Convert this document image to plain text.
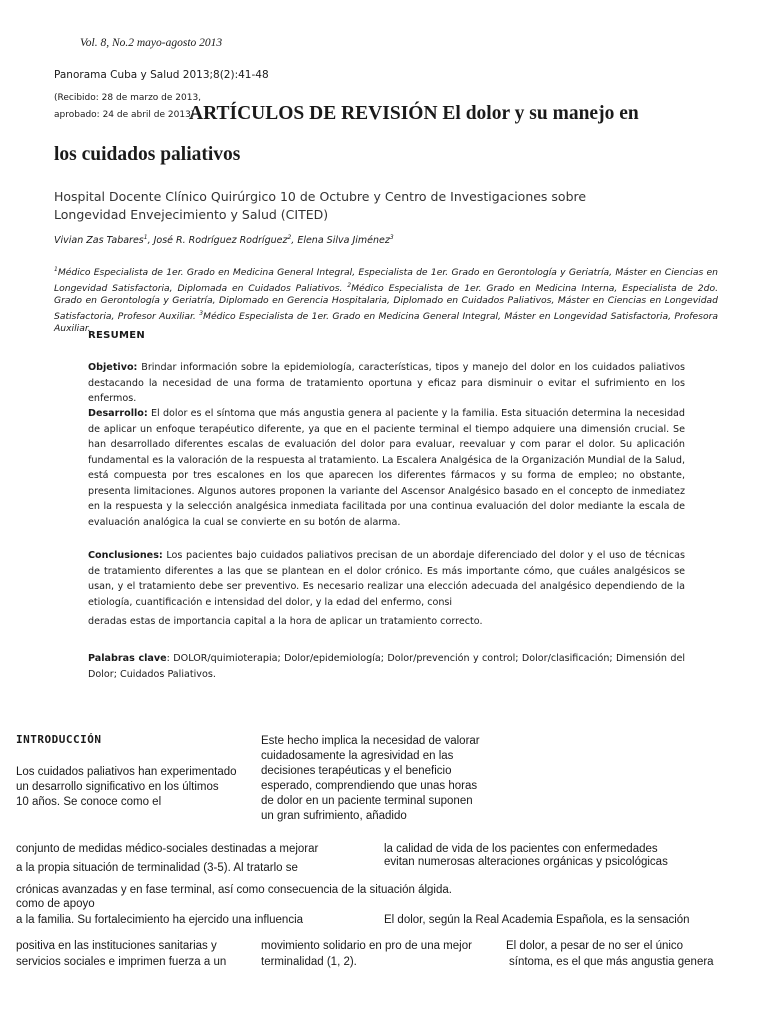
Vol. 8, No.2 mayo-agosto 2013
Panorama Cuba y Salud 2013;8(2):41-48
(Recibido: 28 de marzo de 2013,
aprobado: 24 de abril de 2013)
ARTÍCULOS DE REVISIÓN El dolor y su manejo en
los cuidados paliativos
Hospital Docente Clínico Quirúrgico 10 de Octubre y Centro de Investigaciones sobre
Longevidad Envejecimiento y Salud (CITED)
Vivian Zas Tabares$^1$, José R. Rodríguez Rodríguez$^2$, Elena Silva Jiménez$^3$
$^1$Médico Especialista de 1er. Grado en Medicina General Integral, Especialista de 1er. Grado en Gerontología y Geriatría, Máster en Ciencias en Longevidad Satisfactoria, Diplomada en Cuidados Paliativos. $^2$Médico Especialista de 1er. Grado en Medicina Interna, Especialista de 2do. Grado en Gerontología y Geriatría, Diplomado en Gerencia Hospitalaria, Diplomado en Cuidados Paliativos, Máster en Ciencias en Longevidad Satisfactoria, Profesor Auxiliar. $^3$Médico Especialista de 1er. Grado en Medicina General Integral, Máster en Longevidad Satisfactoria, Profesora Auxiliar.
RESUMEN
Objetivo: Brindar información sobre la epidemiología, características, tipos y manejo del dolor en los cuidados paliativos destacando la necesidad de una forma de tratamiento oportuna y eficaz para disminuir o evitar el sufrimiento en los enfermos.
Desarrollo: El dolor es el síntoma que más angustia genera al paciente y la familia. Esta situación determina la necesidad de aplicar un enfoque terapéutico diferente, ya que en el paciente terminal el tiempo adquiere una dimensión crucial. Se han desarrollado diferentes escalas de evaluación del dolor para evaluar, reevaluar y com parar el dolor. Su aplicación fundamental es la valoración de la respuesta al tratamiento. La Escalera Analgésica de la Organización Mundial de la Salud, está compuesta por tres escalones en los que aparecen los diferentes fármacos y su forma de empleo; no obstante, presenta limitaciones. Algunos autores proponen la variante del Ascensor Analgésico basado en el concepto de inmediatez en la respuesta y la selección analgésica inmediata facilitada por una continua evaluación del dolor mediante la escala de evaluación analógica la cual se convierte en su botón de alarma.
Conclusiones: Los pacientes bajo cuidados paliativos precisan de un abordaje diferenciado del dolor y el uso de técnicas de tratamiento diferentes a las que se plantean en el dolor crónico. Es más importante cómo, que cuáles analgésicos se usan, y el tratamiento debe ser preventivo. Es necesario realizar una elección adecuada del analgésico dependiendo de la etiología, cuantificación e intensidad del dolor, y la edad del enfermo, consi
deradas estas de importancia capital a la hora de aplicar un tratamiento correcto.
Palabras clave: DOLOR/quimioterapia; Dolor/epidemiología; Dolor/prevención y control; Dolor/clasificación; Dimensión del Dolor; Cuidados Paliativos.
INTRODUCCIÓN
Los cuidados paliativos han experimentado
un desarrollo significativo en los últimos
10 años. Se conoce como el
Este hecho implica la necesidad de valorar
cuidadosamente la agresividad en las
decisiones terapéuticas y el beneficio
esperado, comprendiendo que unas horas
de dolor en un paciente terminal suponen
un gran sufrimiento, añadido
conjunto de medidas médico-sociales destinadas a mejorar	la calidad de vida de los pacientes con enfermedades
a la propia situación de terminalidad (3-5). Al tratarlo se	evitan numerosas alteraciones orgánicas y psicológicas
crónicas avanzadas y en fase terminal, así como consecuencia de la situación álgida.
como de apoyo
a la familia. Su fortalecimiento ha ejercido una influencia	El dolor, según la Real Academia Española, es la sensación
positiva en las instituciones sanitarias y	movimiento solidario en pro de una mejor	El dolor, a pesar de no ser el único
servicios sociales e imprimen fuerza a un	terminalidad (1, 2).	síntoma, es el que más angustia genera
